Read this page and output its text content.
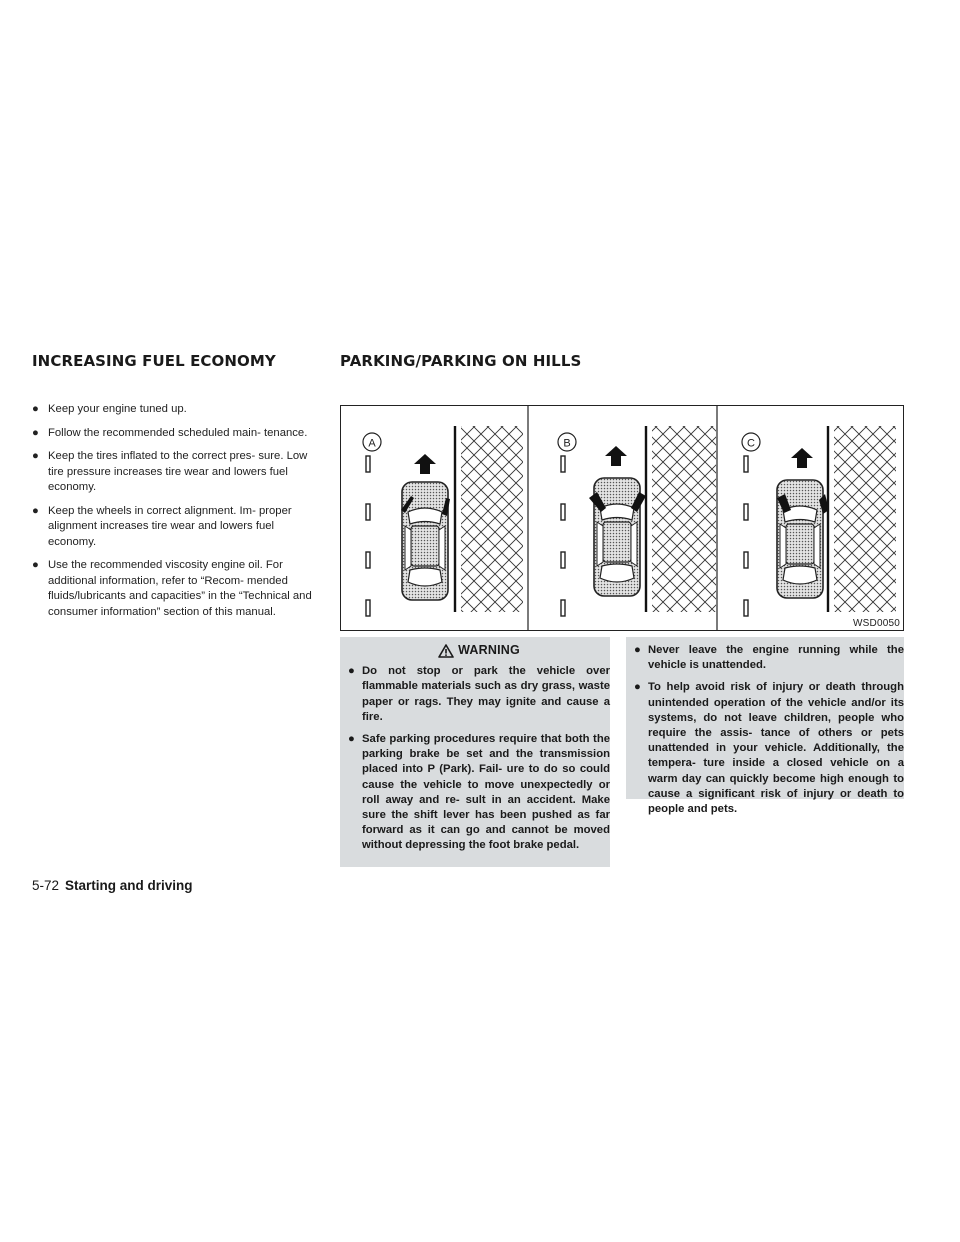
INCREASING FUEL ECONOMY	PARKING/PARKING ON HILLS
● Keep your engine tuned up.
● Follow the recommended scheduled main- tenance.
● Keep the tires inflated to the correct pres- sure. Low tire pressure increases tire wear and lowers fuel economy.
● Keep the wheels in correct alignment. Im- proper alignment increases tire wear and lowers fuel economy.
● Use the recommended viscosity engine oil. For additional information, refer to “Recom- mended fluids/lubricants and capacities” in the “Technical and consumer information” section of this manual.
A	B	C
WSD0050
WARNING
● Do not stop or park the vehicle over flammable materials such as dry grass, waste paper or rags. They may ignite and cause a fire.
● Safe parking procedures require that both the parking brake be set and the transmission placed into P (Park). Fail- ure to do so could cause the vehicle to move unexpectedly or roll away and re- sult in an accident. Make sure the shift lever has been pushed as far forward as it can go and cannot be moved without depressing the foot brake pedal.
● Never leave the engine running while the vehicle is unattended.
● To help avoid risk of injury or death through unintended operation of the vehicle and/or its systems, do not leave children, people who require the assis- tance of others or pets unattended in your vehicle. Additionally, the tempera- ture inside a closed vehicle on a warm day can quickly become high enough to cause a significant risk of injury or death to people and pets.
5-72 Starting and driving
